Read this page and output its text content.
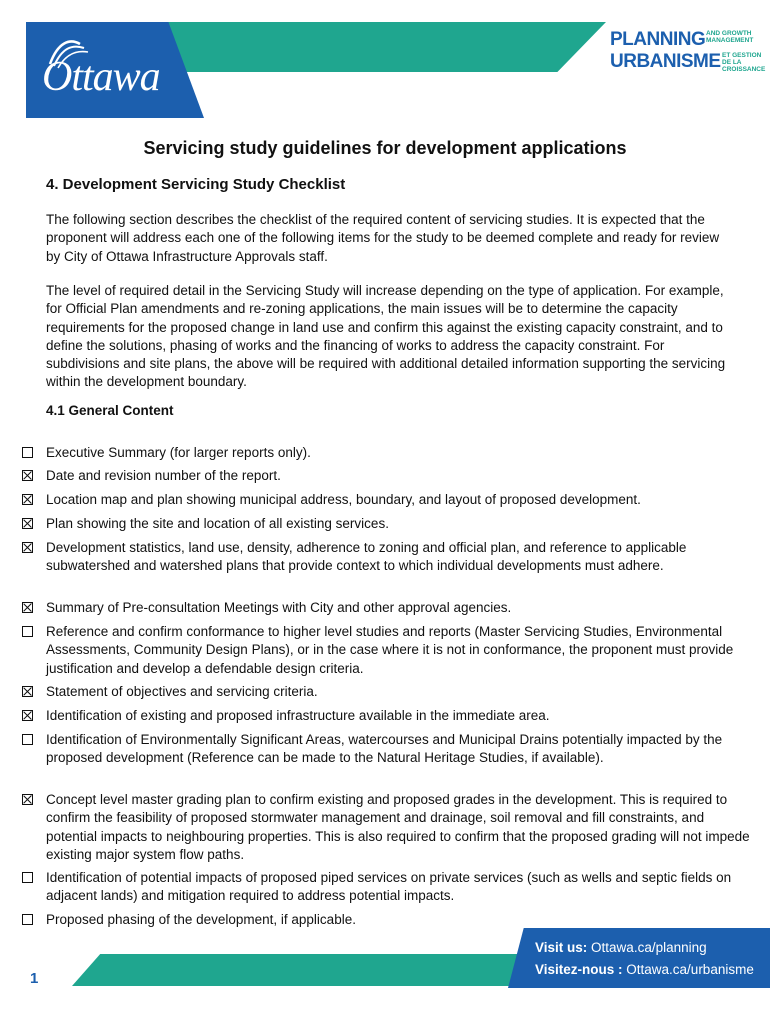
Ottawa
PLANNING AND GROWTH MANAGEMENT
URBANISME ET GESTION DE LA CROISSANCE
Servicing study guidelines for development applications
4. Development Servicing Study Checklist
The following section describes the checklist of the required content of servicing studies. It is expected that the proponent will address each one of the following items for the study to be deemed complete and ready for review by City of Ottawa Infrastructure Approvals staff.
The level of required detail in the Servicing Study will increase depending on the type of application. For example, for Official Plan amendments and re-zoning applications, the main issues will be to determine the capacity requirements for the proposed change in land use and confirm this against the existing capacity constraint, and to define the solutions, phasing of works and the financing of works to address the capacity constraint. For subdivisions and site plans, the above will be required with additional detailed information supporting the servicing within the development boundary.
4.1 General Content
Executive Summary (for larger reports only).
Date and revision number of the report.
Location map and plan showing municipal address, boundary, and layout of proposed development.
Plan showing the site and location of all existing services.
Development statistics, land use, density, adherence to zoning and official plan, and reference to applicable subwatershed and watershed plans that provide context to which individual developments must adhere.
Summary of Pre-consultation Meetings with City and other approval agencies.
Reference and confirm conformance to higher level studies and reports (Master Servicing Studies, Environmental Assessments, Community Design Plans), or in the case where it is not in conformance, the proponent must provide justification and develop a defendable design criteria.
Statement of objectives and servicing criteria.
Identification of existing and proposed infrastructure available in the immediate area.
Identification of Environmentally Significant Areas, watercourses and Municipal Drains potentially impacted by the proposed development (Reference can be made to the Natural Heritage Studies, if available).
Concept level master grading plan to confirm existing and proposed grades in the development. This is required to confirm the feasibility of proposed stormwater management and drainage, soil removal and fill constraints, and potential impacts to neighbouring properties. This is also required to confirm that the proposed grading will not impede existing major system flow paths.
Identification of potential impacts of proposed piped services on private services (such as wells and septic fields on adjacent lands) and mitigation required to address potential impacts.
Proposed phasing of the development, if applicable.
Visit us: Ottawa.ca/planning
Visitez-nous : Ottawa.ca/urbanisme
1
